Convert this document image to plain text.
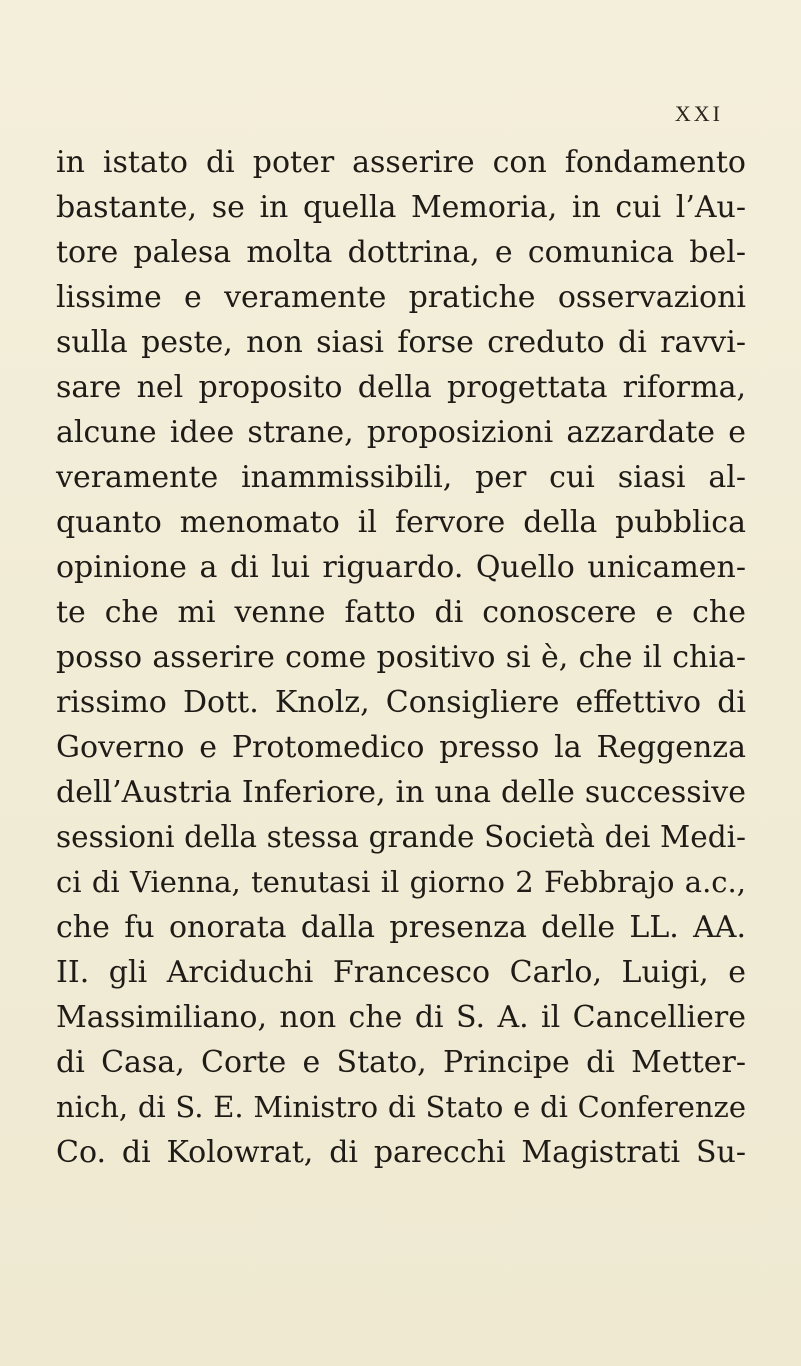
XXI
in istato di poter asserire con fondamento
bastante, se in quella Memoria, in cui l’Au-
tore palesa molta dottrina, e comunica bel-
lissime e veramente pratiche osservazioni
sulla peste, non siasi forse creduto di ravvi-
sare nel proposito della progettata riforma,
alcune idee strane, proposizioni azzardate e
veramente inammissibili, per cui siasi al-
quanto menomato il fervore della pubblica
opinione a di lui riguardo. Quello unicamen-
te che mi venne fatto di conoscere e che
posso asserire come positivo si è, che il chia-
rissimo Dott. Knolz, Consigliere effettivo di
Governo e Protomedico presso la Reggenza
dell’Austria Inferiore, in una delle successive
sessioni della stessa grande Società dei Medi-
ci di Vienna, tenutasi il giorno 2 Febbrajo a.c.,
che fu onorata dalla presenza delle LL. AA.
II. gli Arciduchi Francesco Carlo, Luigi, e
Massimiliano, non che di S. A. il Cancelliere
di Casa, Corte e Stato, Principe di Metter-
nich, di S. E. Ministro di Stato e di Conferenze
Co. di Kolowrat, di parecchi Magistrati Su-
